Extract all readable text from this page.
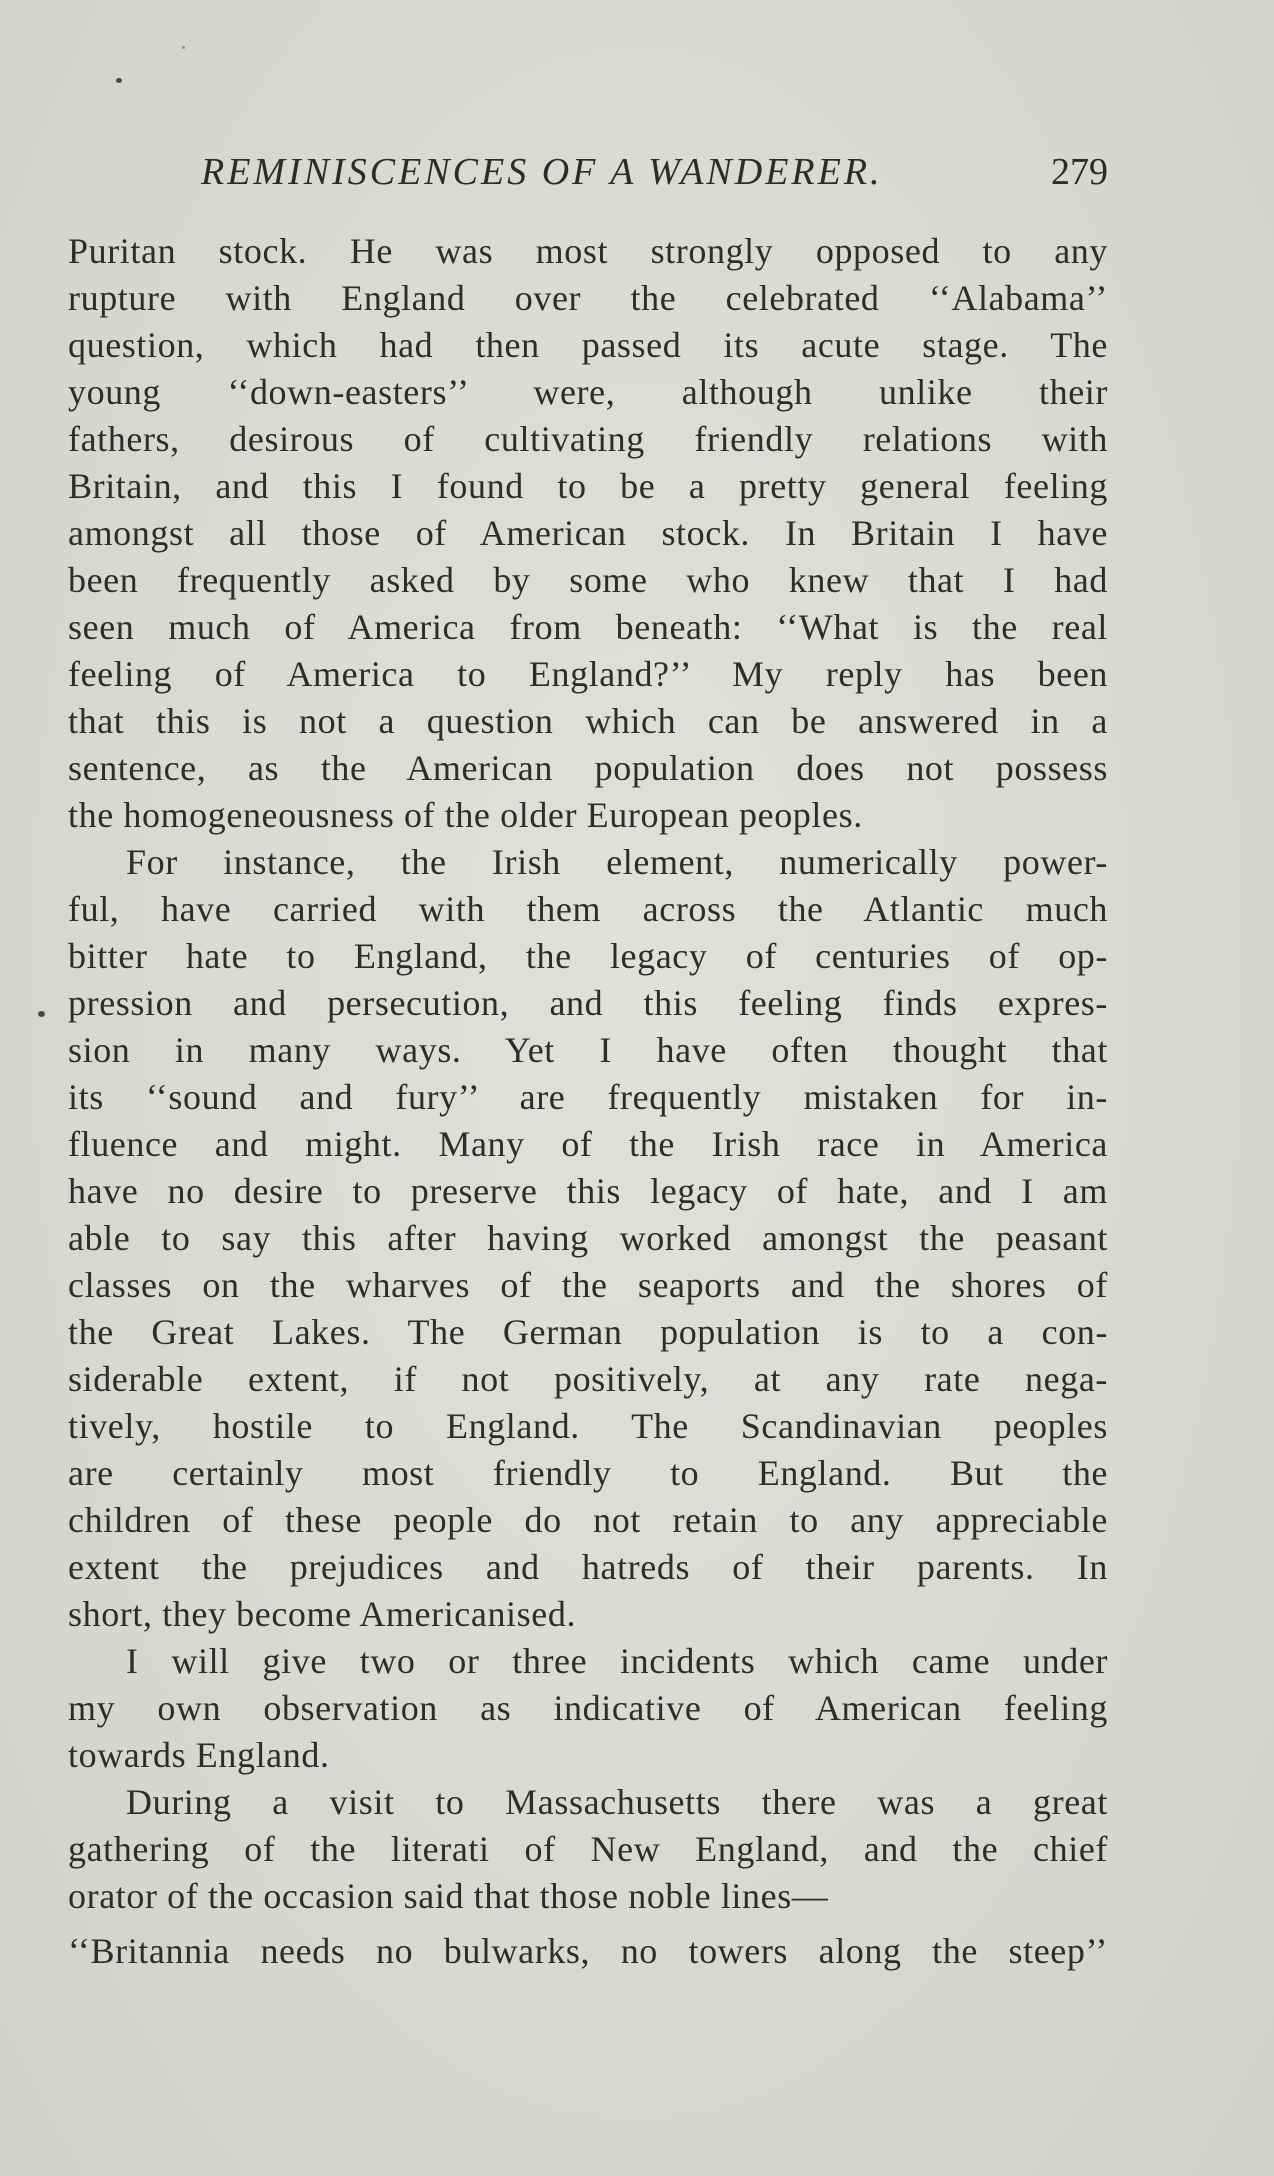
REMINISCENCES OF A WANDERER.	279
Puritan stock. He was most strongly opposed to any
rupture with England over the celebrated ‘‘Alabama’’
question, which had then passed its acute stage. The
young ‘‘down-easters’’ were, although unlike their
fathers, desirous of cultivating friendly relations with
Britain, and this I found to be a pretty general feeling
amongst all those of American stock. In Britain I have
been frequently asked by some who knew that I had
seen much of America from beneath: ‘‘What is the real
feeling of America to England?’’ My reply has been
that this is not a question which can be answered in a
sentence, as the American population does not possess
the homogeneousness of the older European peoples.
For instance, the Irish element, numerically power-
ful, have carried with them across the Atlantic much
bitter hate to England, the legacy of centuries of op-
pression and persecution, and this feeling finds expres-
sion in many ways. Yet I have often thought that
its ‘‘sound and fury’’ are frequently mistaken for in-
fluence and might. Many of the Irish race in America
have no desire to preserve this legacy of hate, and I am
able to say this after having worked amongst the peasant
classes on the wharves of the seaports and the shores of
the Great Lakes. The German population is to a con-
siderable extent, if not positively, at any rate nega-
tively, hostile to England. The Scandinavian peoples
are certainly most friendly to England. But the
children of these people do not retain to any appreciable
extent the prejudices and hatreds of their parents. In
short, they become Americanised.
I will give two or three incidents which came under
my own observation as indicative of American feeling
towards England.
During a visit to Massachusetts there was a great
gathering of the literati of New England, and the chief
orator of the occasion said that those noble lines—
‘‘Britannia needs no bulwarks, no towers along the steep’’
